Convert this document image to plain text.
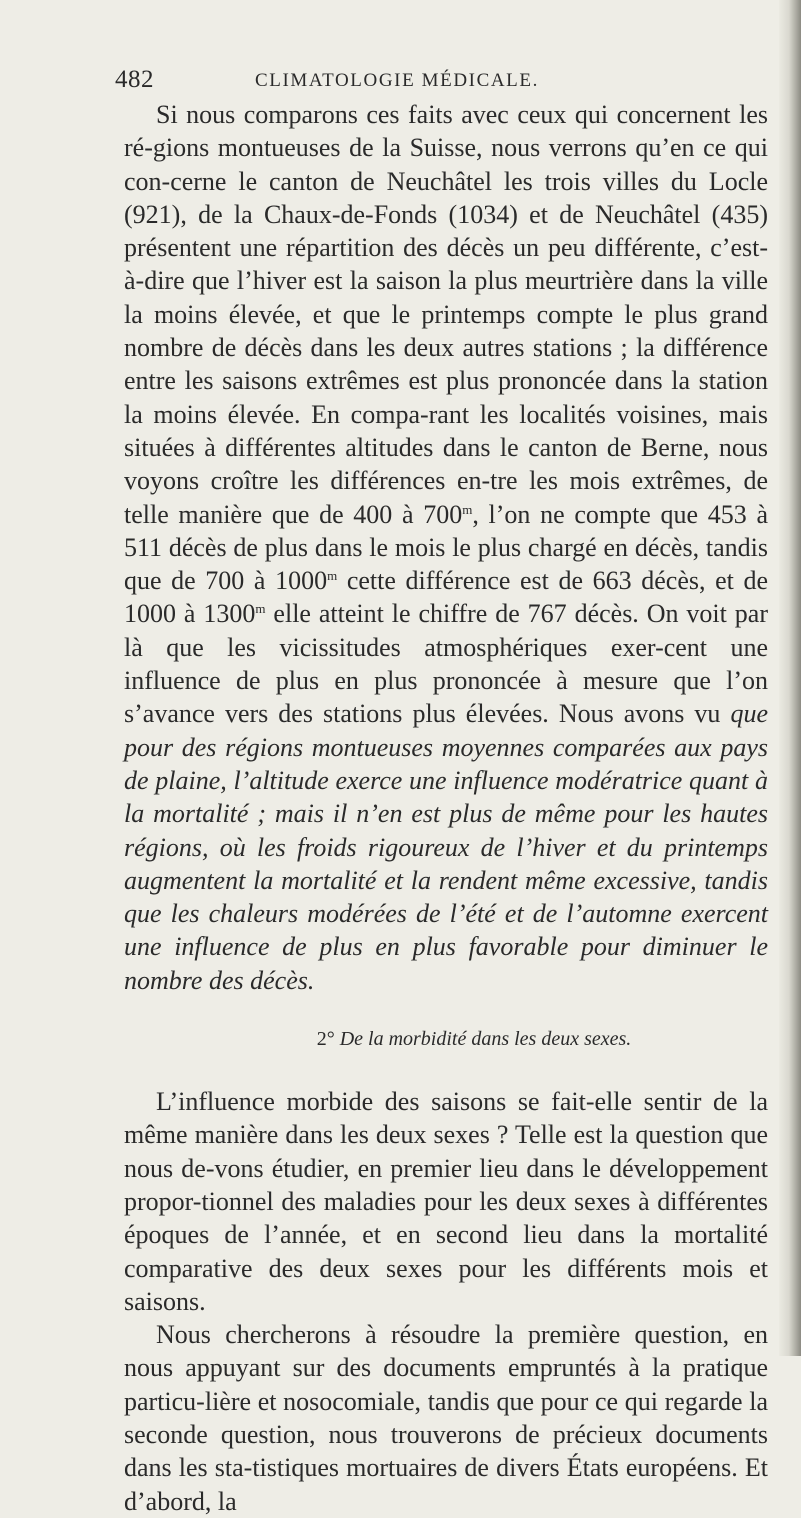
482	CLIMATOLOGIE MÉDICALE.

Si nous comparons ces faits avec ceux qui concernent les ré-gions montueuses de la Suisse, nous verrons qu’en ce qui con-cerne le canton de Neuchâtel les trois villes du Locle (921), de la Chaux-de-Fonds (1034) et de Neuchâtel (435) présentent une répartition des décès un peu différente, c’est-à-dire que l’hiver est la saison la plus meurtrière dans la ville la moins élevée, et que le printemps compte le plus grand nombre de décès dans les deux autres stations ; la différence entre les saisons extrêmes est plus prononcée dans la station la moins élevée. En compa-rant les localités voisines, mais situées à différentes altitudes dans le canton de Berne, nous voyons croître les différences en-tre les mois extrêmes, de telle manière que de 400 à 700$^m$, l’on ne compte que 453 à 511 décès de plus dans le mois le plus chargé en décès, tandis que de 700 à 1000$^m$ cette différence est de 663 décès, et de 1000 à 1300$^m$ elle atteint le chiffre de 767 décès. On voit par là que les vicissitudes atmosphériques exer-cent une influence de plus en plus prononcée à mesure que l’on s’avance vers des stations plus élevées. Nous avons vu que pour des régions montueuses moyennes comparées aux pays de plaine, l’altitude exerce une influence modératrice quant à la mortalité ; mais il n’en est plus de même pour les hautes régions, où les froids rigoureux de l’hiver et du printemps augmentent la mortalité et la rendent même excessive, tandis que les chaleurs modérées de l’été et de l’automne exercent une influence de plus en plus favorable pour diminuer le nombre des décès.

2° De la morbidité dans les deux sexes.

L’influence morbide des saisons se fait-elle sentir de la même manière dans les deux sexes ? Telle est la question que nous de-vons étudier, en premier lieu dans le développement propor-tionnel des maladies pour les deux sexes à différentes époques de l’année, et en second lieu dans la mortalité comparative des deux sexes pour les différents mois et saisons.

Nous chercherons à résoudre la première question, en nous appuyant sur des documents empruntés à la pratique particu-lière et nosocomiale, tandis que pour ce qui regarde la seconde question, nous trouverons de précieux documents dans les sta-tistiques mortuaires de divers États européens. Et d’abord, la
